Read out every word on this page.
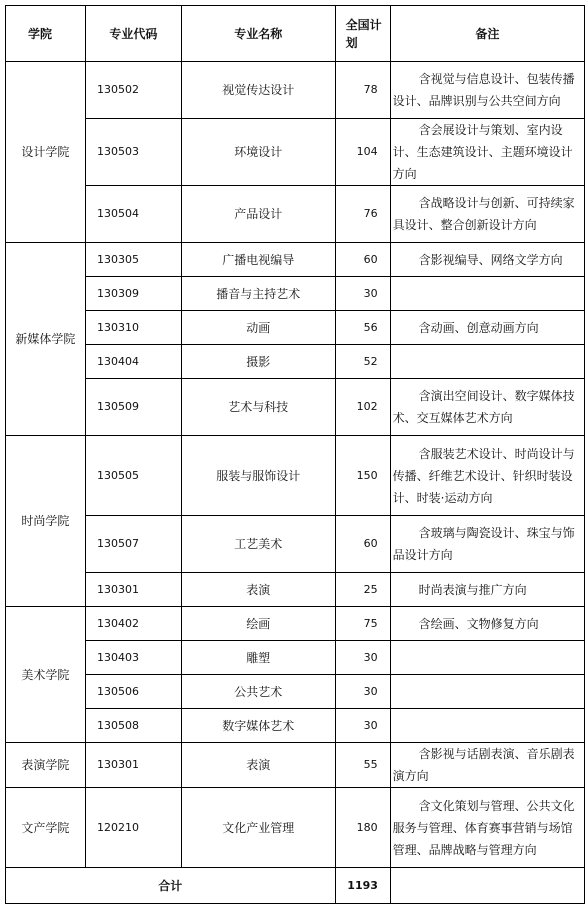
学院	专业代码	专业名称	全国计划	备注
设计学院	130502	视觉传达设计	78	含视觉与信息设计、包装传播设计、品牌识别与公共空间方向
	130503	环境设计	104	含会展设计与策划、室内设计、生态建筑设计、主题环境设计方向
	130504	产品设计	76	含战略设计与创新、可持续家具设计、整合创新设计方向
新媒体学院	130305	广播电视编导	60	含影视编导、网络文学方向
	130309	播音与主持艺术	30	
	130310	动画	56	含动画、创意动画方向
	130404	摄影	52	
	130509	艺术与科技	102	含演出空间设计、数字媒体技术、交互媒体艺术方向
时尚学院	130505	服装与服饰设计	150	含服装艺术设计、时尚设计与传播、纤维艺术设计、针织时装设计、时装·运动方向
	130507	工艺美术	60	含玻璃与陶瓷设计、珠宝与饰品设计方向
	130301	表演	25	时尚表演与推广方向
美术学院	130402	绘画	75	含绘画、文物修复方向
	130403	雕塑	30	
	130506	公共艺术	30	
	130508	数字媒体艺术	30	
表演学院	130301	表演	55	含影视与话剧表演、音乐剧表演方向
文产学院	120210	文化产业管理	180	含文化策划与管理、公共文化服务与管理、体育赛事营销与场馆管理、品牌战略与管理方向
合计			1193	
